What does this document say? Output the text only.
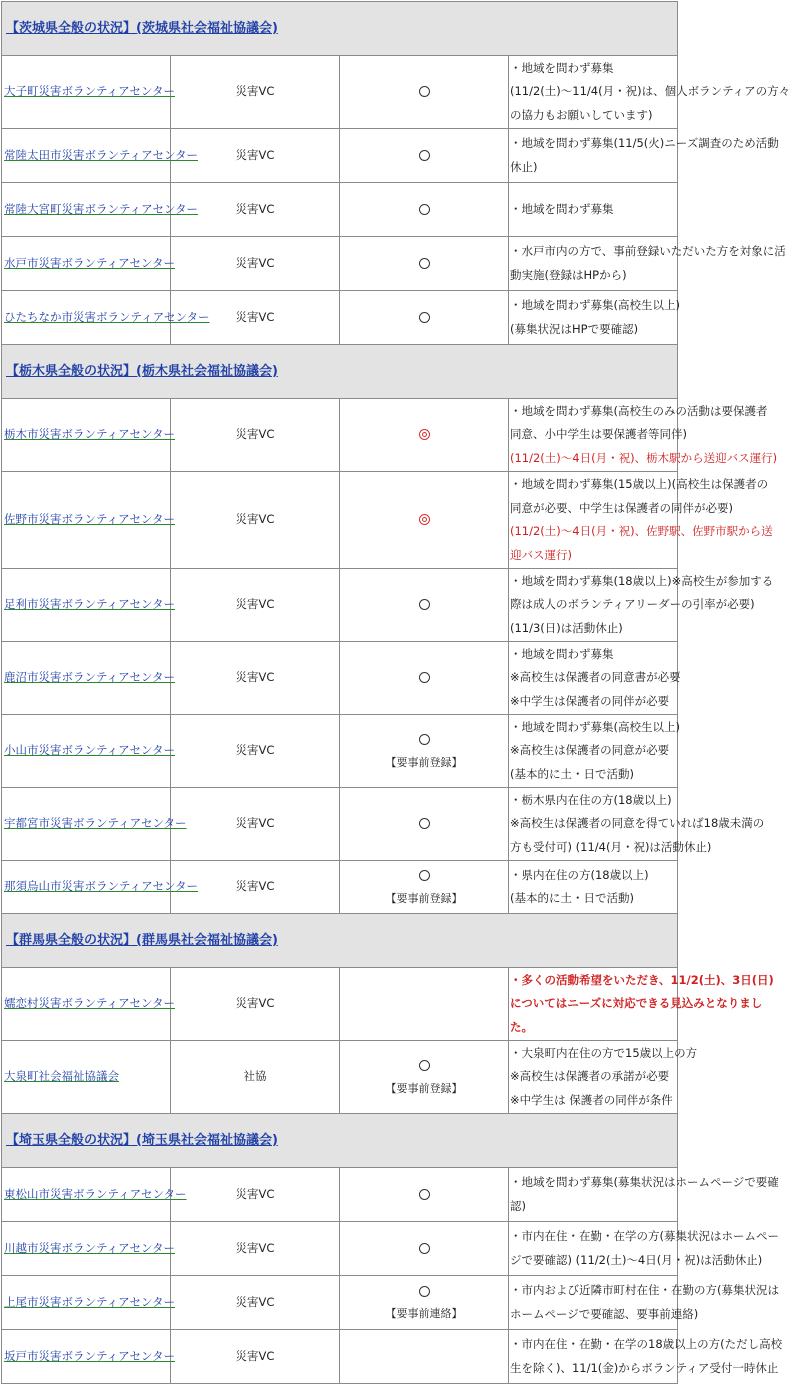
【茨城県全般の状況】(茨城県社会福祉協議会)			
大子町災害ボランティアセンター	災害VC		・地域を問わず募集
(11/2(土)～11/4(月・祝)は、個人ボランティアの方々
の協力もお願いしています)

常陸太田市災害ボランティアセンター	災害VC		・地域を問わず募集(11/5(火)ニーズ調査のため活動
休止)

常陸大宮町災害ボランティアセンター	災害VC		・地域を問わず募集

水戸市災害ボランティアセンター	災害VC		・水戸市内の方で、事前登録いただいた方を対象に活
動実施(登録はHPから)

ひたちなか市災害ボランティアセンター	災害VC		・地域を問わず募集(高校生以上)
(募集状況はHPで要確認)

【栃木県全般の状況】(栃木県社会福祉協議会)			
栃木市災害ボランティアセンター	災害VC		・地域を問わず募集(高校生のみの活動は要保護者
同意、小中学生は要保護者等同伴)
(11/2(土)～4日(月・祝)、栃木駅から送迎バス運行)

佐野市災害ボランティアセンター	災害VC		・地域を問わず募集(15歳以上)(高校生は保護者の
同意が必要、中学生は保護者の同伴が必要)
(11/2(土)～4日(月・祝)、佐野駅、佐野市駅から送
迎バス運行)

足利市災害ボランティアセンター	災害VC		・地域を問わず募集(18歳以上)※高校生が参加する
際は成人のボランティアリーダーの引率が必要)
(11/3(日)は活動休止)

鹿沼市災害ボランティアセンター	災害VC		・地域を問わず募集
※高校生は保護者の同意書が必要
※中学生は保護者の同伴が必要

小山市災害ボランティアセンター	災害VC	【要事前登録】	・地域を問わず募集(高校生以上)
※高校生は保護者の同意が必要
(基本的に土・日で活動)

宇都宮市災害ボランティアセンター	災害VC		・栃木県内在住の方(18歳以上)
※高校生は保護者の同意を得ていれば18歳未満の
方も受付可) (11/4(月・祝)は活動休止)

那須烏山市災害ボランティアセンター	災害VC	【要事前登録】	・県内在住の方(18歳以上)
(基本的に土・日で活動)

【群馬県全般の状況】(群馬県社会福祉協議会)			
嬬恋村災害ボランティアセンター	災害VC		・多くの活動希望をいただき、11/2(土)、3日(日)
についてはニーズに対応できる見込みとなりまし
た。

大泉町社会福祉協議会	社協	【要事前登録】	・大泉町内在住の方で15歳以上の方
※高校生は保護者の承諾が必要
※中学生は 保護者の同伴が条件

【埼玉県全般の状況】(埼玉県社会福祉協議会)			
東松山市災害ボランティアセンター	災害VC		・地域を問わず募集(募集状況はホームページで要確
認)

川越市災害ボランティアセンター	災害VC		・市内在住・在勤・在学の方(募集状況はホームペー
ジで要確認) (11/2(土)～4日(月・祝)は活動休止)

上尾市災害ボランティアセンター	災害VC	【要事前連絡】	・市内および近隣市町村在住・在勤の方(募集状況は
ホームページで要確認、要事前連絡)

坂戸市災害ボランティアセンター	災害VC		・市内在住・在勤・在学の18歳以上の方(ただし高校
生を除く)、11/1(金)からボランティア受付一時休止
